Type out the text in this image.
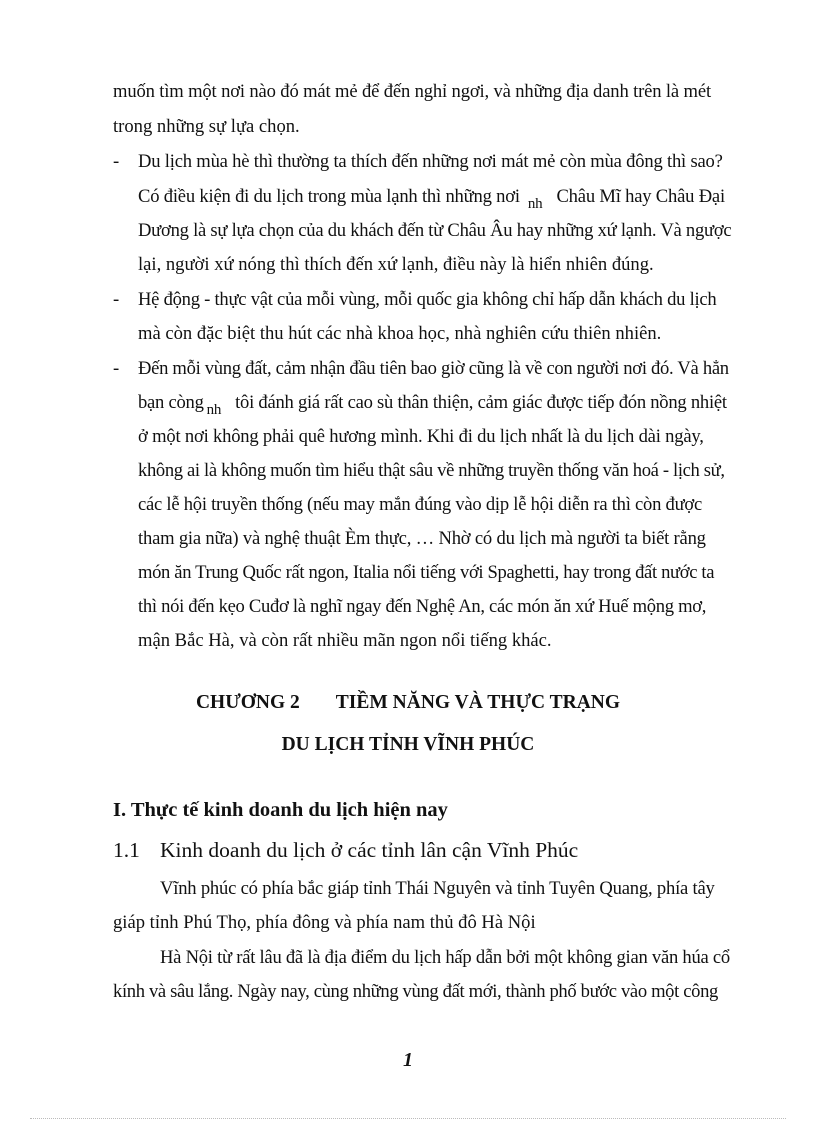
muốn tìm một nơi nào đó mát mẻ để đến nghỉ ngơi, và những địa danh trên là mét
trong những sự lựa chọn.
- Du lịch mùa hè thì thường ta thích đến những nơi mát mẻ còn mùa đông thì sao?
Có điều kiện đi du lịch trong mùa lạnh thì những nơi $_{nh}$ Châu Mĩ hay Châu Đại
Dương là sự lựa chọn của du khách đến từ Châu Âu hay những xứ lạnh. Và ngược
lại, người xứ nóng thì thích đến xứ lạnh, điều này là hiển nhiên đúng.
- Hệ động - thực vật của mỗi vùng, mỗi quốc gia không chỉ hấp dẫn khách du lịch
mà còn đặc biệt thu hút các nhà khoa học, nhà nghiên cứu thiên nhiên.
- Đến mỗi vùng đất, cảm nhận đầu tiên bao giờ cũng là về con người nơi đó. Và hẳn
bạn còng $_{nh}$ tôi đánh giá rất cao sù thân thiện, cảm giác được tiếp đón nồng nhiệt
ở một nơi không phải quê hương mình. Khi đi du lịch nhất là du lịch dài ngày,
không ai là không muốn tìm hiểu thật sâu về những truyền thống văn hoá - lịch sử,
các lễ hội truyền thống (nếu may mắn đúng vào dịp lễ hội diễn ra thì còn được
tham gia nữa) và nghệ thuật Èm thực, … Nhờ có du lịch mà người ta biết rằng
món ăn Trung Quốc rất ngon, Italia nổi tiếng với Spaghetti, hay trong đất nước ta
thì nói đến kẹo Cuđơ là nghĩ ngay đến Nghệ An, các món ăn xứ Huế mộng mơ,
mận Bắc Hà, và còn rất nhiều mãn ngon nổi tiếng khác.
CHƯƠNG 2 TIỀM NĂNG VÀ THỰC TRẠNG
DU LỊCH TỈNH VĨNH PHÚC
I. Thực tế kinh doanh du lịch hiện nay
1.1 Kinh doanh du lịch ở các tỉnh lân cận Vĩnh Phúc
Vĩnh phúc có phía bắc giáp tỉnh Thái Nguyên và tỉnh Tuyên Quang, phía tây
giáp tỉnh Phú Thọ, phía đông và phía nam thủ đô Hà Nội
Hà Nội từ rất lâu đã là địa điểm du lịch hấp dẫn bởi một không gian văn húa cổ
kính và sâu lắng. Ngày nay, cùng những vùng đất mới, thành phố bước vào một công
1
